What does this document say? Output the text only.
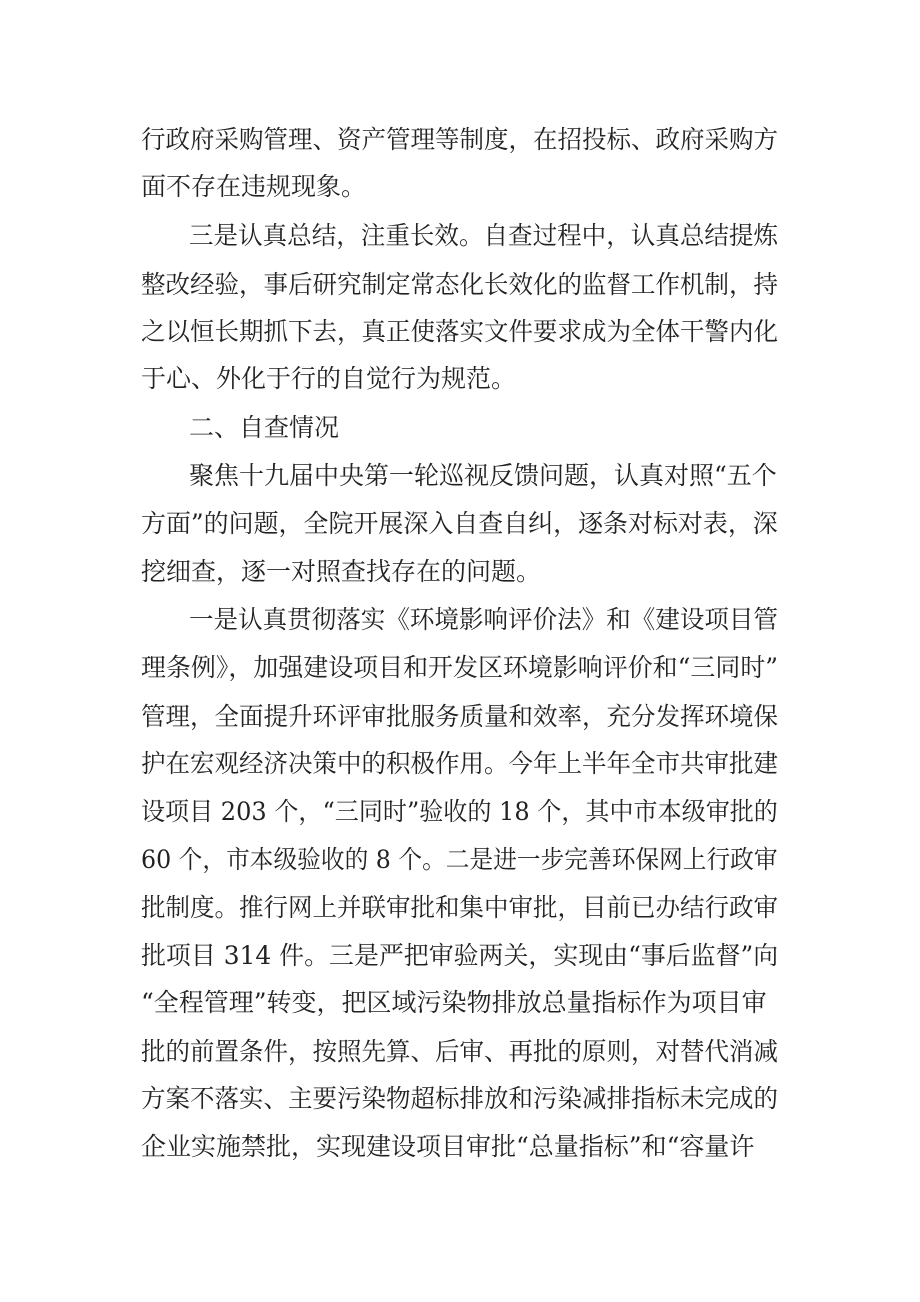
行政府采购管理、资产管理等制度，在招投标、政府采购方

面不存在违规现象。

三是认真总结，注重长效。自查过程中，认真总结提炼

整改经验，事后研究制定常态化长效化的监督工作机制，持

之以恒长期抓下去，真正使落实文件要求成为全体干警内化

于心、外化于行的自觉行为规范。

二、自查情况

聚焦十九届中央第一轮巡视反馈问题，认真对照“五个

方面”的问题，全院开展深入自查自纠，逐条对标对表，深

挖细查，逐一对照查找存在的问题。

一是认真贯彻落实《环境影响评价法》和《建设项目管

理条例》，加强建设项目和开发区环境影响评价和“三同时”

管理，全面提升环评审批服务质量和效率，充分发挥环境保

护在宏观经济决策中的积极作用。今年上半年全市共审批建

设项目 203 个，“三同时”验收的 18 个，其中市本级审批的

60 个，市本级验收的 8 个。二是进一步完善环保网上行政审

批制度。推行网上并联审批和集中审批，目前已办结行政审

批项目 314 件。三是严把审验两关，实现由“事后监督”向

“全程管理”转变，把区域污染物排放总量指标作为项目审

批的前置条件，按照先算、后审、再批的原则，对替代消减

方案不落实、主要污染物超标排放和污染减排指标未完成的

企业实施禁批，实现建设项目审批“总量指标”和“容量许
